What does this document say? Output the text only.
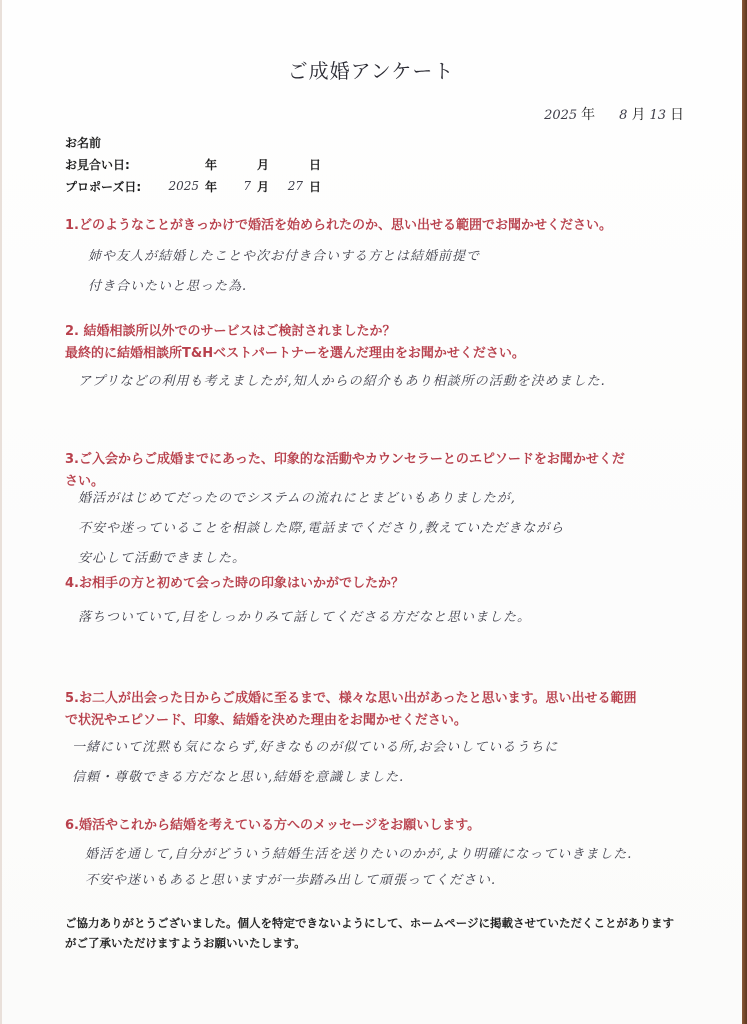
ご成婚アンケート
2025 年 8 月 13 日
お名前
お見合い日:	年	月	日
プロポーズ日:	2025 年	7 月	27 日
1.どのようなことがきっかけで婚活を始められたのか、思い出せる範囲でお聞かせください。
姉や友人が結婚したことや次お付き合いする方とは結婚前提で
付き合いたいと思った為.
2. 結婚相談所以外でのサービスはご検討されましたか？
最終的に結婚相談所T&Hベストパートナーを選んだ理由をお聞かせください。
アプリなどの利用も考えましたが,知人からの紹介もあり相談所の活動を決めました.
3.ご入会からご成婚までにあった、印象的な活動やカウンセラーとのエピソードをお聞かせくだ
さい。
婚活がはじめてだったのでシステムの流れにとまどいもありましたが,
不安や迷っていることを相談した際,電話までくださり,教えていただきながら
安心して活動できました。
4.お相手の方と初めて会った時の印象はいかがでしたか？
落ちついていて,目をしっかりみて話してくださる方だなと思いました。
5.お二人が出会った日からご成婚に至るまで、様々な思い出があったと思います。思い出せる範囲
で状況やエピソード、印象、結婚を決めた理由をお聞かせください。
一緒にいて沈黙も気にならず,好きなものが似ている所,お会いしているうちに
信頼・尊敬できる方だなと思い,結婚を意識しました.
6.婚活やこれから結婚を考えている方へのメッセージをお願いします。
婚活を通して,自分がどういう結婚生活を送りたいのかが,より明確になっていきました.
不安や迷いもあると思いますが一歩踏み出して頑張ってください.
ご協力ありがとうございました。個人を特定できないようにして、ホームページに掲載させていただくことがあります
がご了承いただけますようお願いいたします。
